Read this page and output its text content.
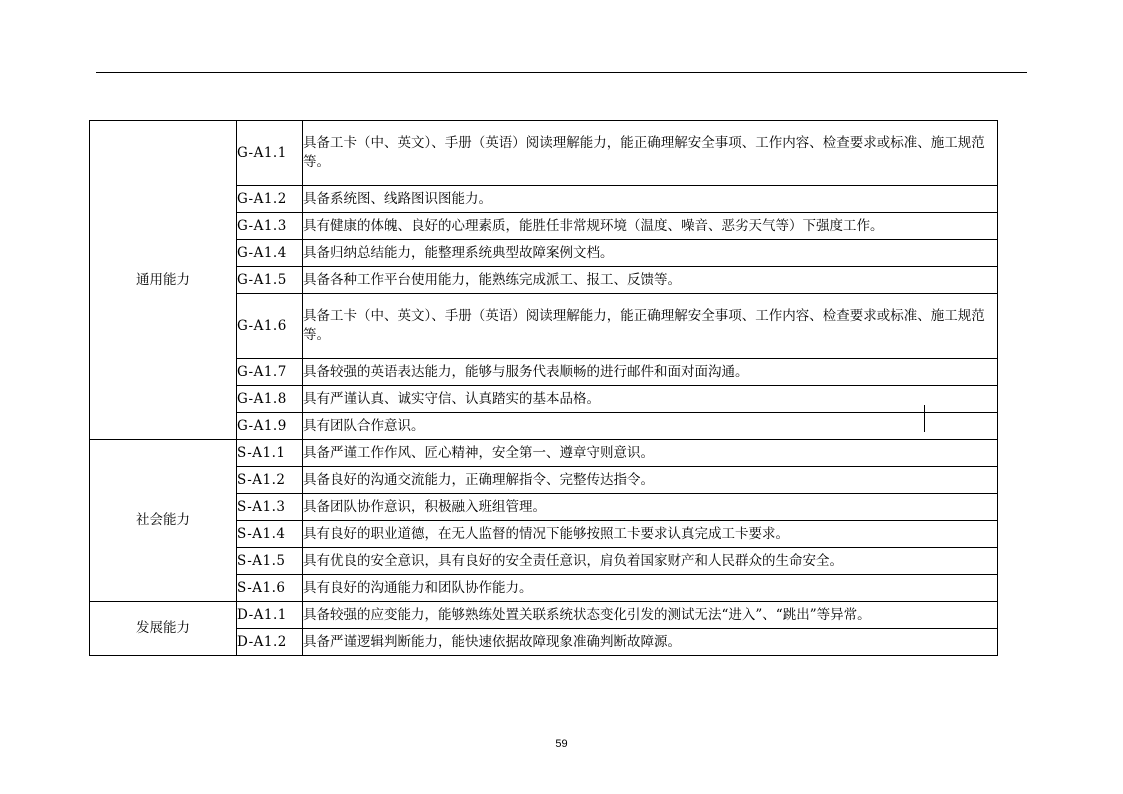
通用能力	G-A1.1	具备工卡（中、英文）、手册（英语）阅读理解能力，能正确理解安全事项、工作内容、检查要求或标准、施工规范等。
	G-A1.2	具备系统图、线路图识图能力。
	G-A1.3	具有健康的体魄、良好的心理素质，能胜任非常规环境（温度、噪音、恶劣天气等）下强度工作。
	G-A1.4	具备归纳总结能力，能整理系统典型故障案例文档。
	G-A1.5	具备各种工作平台使用能力，能熟练完成派工、报工、反馈等。
	G-A1.6	具备工卡（中、英文）、手册（英语）阅读理解能力，能正确理解安全事项、工作内容、检查要求或标准、施工规范等。
	G-A1.7	具备较强的英语表达能力，能够与服务代表顺畅的进行邮件和面对面沟通。
	G-A1.8	具有严谨认真、诚实守信、认真踏实的基本品格。
	G-A1.9	具有团队合作意识。
社会能力	S-A1.1	具备严谨工作作风、匠心精神，安全第一、遵章守则意识。
	S-A1.2	具备良好的沟通交流能力，正确理解指令、完整传达指令。
	S-A1.3	具备团队协作意识，积极融入班组管理。
	S-A1.4	具有良好的职业道德，在无人监督的情况下能够按照工卡要求认真完成工卡要求。
	S-A1.5	具有优良的安全意识，具有良好的安全责任意识，肩负着国家财产和人民群众的生命安全。
	S-A1.6	具有良好的沟通能力和团队协作能力。
发展能力	D-A1.1	具备较强的应变能力，能够熟练处置关联系统状态变化引发的测试无法“进入”、“跳出”等异常。
	D-A1.2	具备严谨逻辑判断能力，能快速依据故障现象准确判断故障源。
59
